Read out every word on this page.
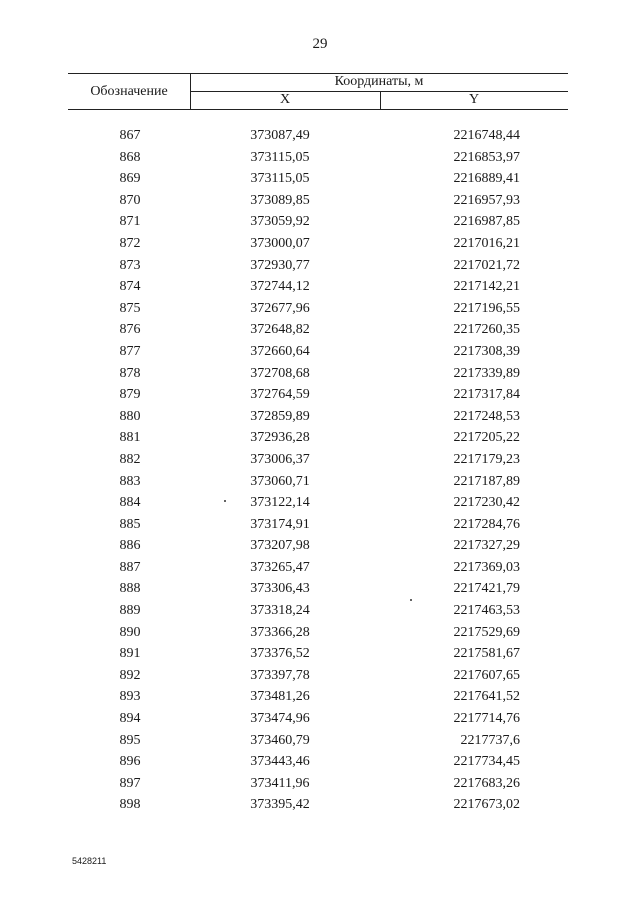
29
Обозначение
Координаты, м
X	Y
867	373087,49	2216748,44
868	373115,05	2216853,97
869	373115,05	2216889,41
870	373089,85	2216957,93
871	373059,92	2216987,85
872	373000,07	2217016,21
873	372930,77	2217021,72
874	372744,12	2217142,21
875	372677,96	2217196,55
876	372648,82	2217260,35
877	372660,64	2217308,39
878	372708,68	2217339,89
879	372764,59	2217317,84
880	372859,89	2217248,53
881	372936,28	2217205,22
882	373006,37	2217179,23
883	373060,71	2217187,89
884	373122,14	2217230,42
885	373174,91	2217284,76
886	373207,98	2217327,29
887	373265,47	2217369,03
888	373306,43	2217421,79
889	373318,24	2217463,53
890	373366,28	2217529,69
891	373376,52	2217581,67
892	373397,78	2217607,65
893	373481,26	2217641,52
894	373474,96	2217714,76
895	373460,79	2217737,6
896	373443,46	2217734,45
897	373411,96	2217683,26
898	373395,42	2217673,02
5428211
